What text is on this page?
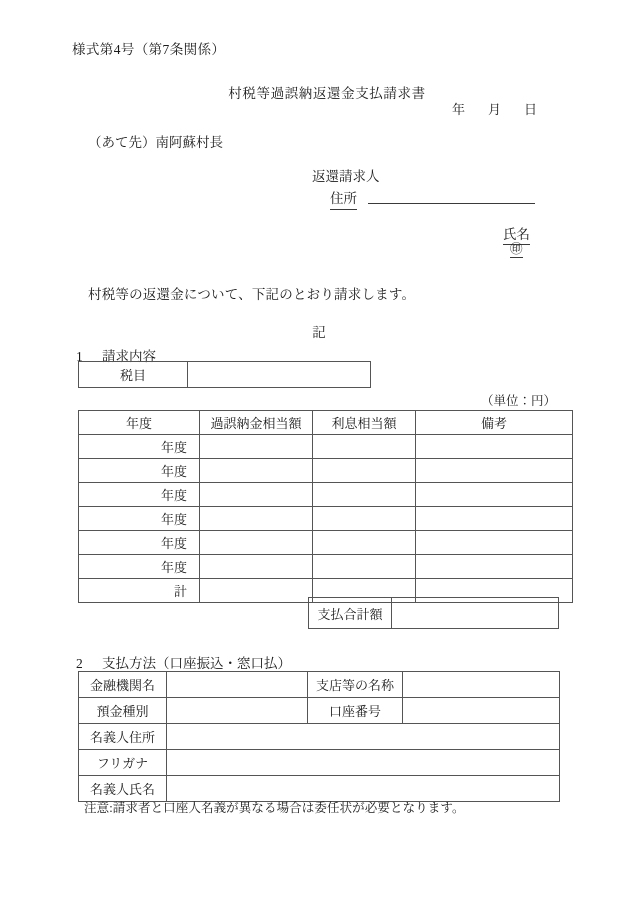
様式第4号（第7条関係）
村税等過誤納返還金支払請求書
年 月 日
（あて先）南阿蘇村長
返還請求人
住所
氏名
㊞
村税等の返還金について、下記のとおり請求します。
記
1 請求内容
税目	
（単位：円）
年度	過誤納金相当額	利息相当額	備考
年度			
年度			
年度			
年度			
年度			
年度			
計			
支払合計額	
2 支払方法（口座振込・窓口払）
金融機関名		支店等の名称	
預金種別		口座番号	
名義人住所			
フリガナ			
名義人氏名			
注意:請求者と口座人名義が異なる場合は委任状が必要となります。
